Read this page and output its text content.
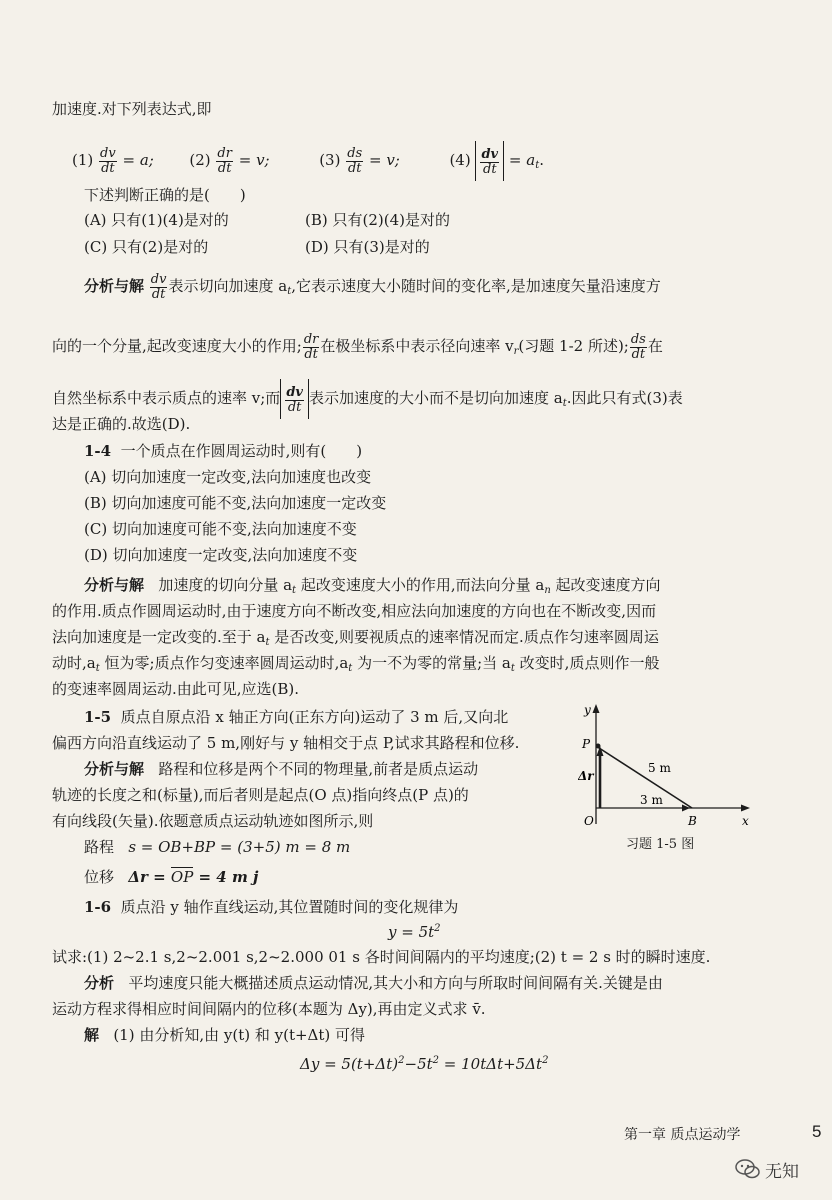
加速度.对下列表达式,即
$(1) \frac{dv}{dt} = a$; $(2) \frac{dr}{dt} = v$;	$(3) \frac{ds}{dt} = v$;	$(4) \frac{dv}{dt} = a_t$.
下述判断正确的是( )
(A) 只有(1)(4)是对的	(B) 只有(2)(4)是对的
(C) 只有(2)是对的	(D) 只有(3)是对的
分析与解 $\frac{dv}{dt}$ 表示切向加速度 $a_t$,它表示速度大小随时间的变化率,是加速度矢量沿速度方
向的一个分量,起改变速度大小的作用; $\frac{dr}{dt}$ 在极坐标系中表示径向速率 $v_r$(习题 1-2 所述); $\frac{ds}{dt}$ 在
自然坐标系中表示质点的速率 v;而 $\frac{dv}{dt}$ 表示加速度的大小而不是切向加速度 $a_t$.因此只有式(3)表
达是正确的.故选(D).
1-4 一个质点在作圆周运动时,则有( )
(A) 切向加速度一定改变,法向加速度也改变
(B) 切向加速度可能不变,法向加速度一定改变
(C) 切向加速度可能不变,法向加速度不变
(D) 切向加速度一定改变,法向加速度不变
分析与解 加速度的切向分量 $a_t$ 起改变速度大小的作用,而法向分量 $a_n$ 起改变速度方向
的作用.质点作圆周运动时,由于速度方向不断改变,相应法向加速度的方向也在不断改变,因而
法向加速度是一定改变的.至于 $a_t$ 是否改变,则要视质点的速率情况而定.质点作匀速率圆周运
动时$,a_t$ 恒为零;质点作匀变速率圆周运动时$,a_t$ 为一不为零的常量;当 $a_t$ 改变时,质点则作一般
的变速率圆周运动.由此可见,应选(B).
1-5 质点自原点沿 x 轴正方向(正东方向)运动了 3 m 后,又向北
偏西方向沿直线运动了 5 m,刚好与 y 轴相交于点 P,试求其路程和位移.
分析与解 路程和位移是两个不同的物理量,前者是质点运动
轨迹的长度之和(标量),而后者则是起点(O 点)指向终点(P 点)的
有向线段(矢量).依题意质点运动轨迹如图所示,则
路程 s = OB+BP = (3+5) m = 8 m
位移 Δr = OP = 4 m j
y
x
O
P
B
Δr
5 m
3 m
习题 1-5 图
1-6 质点沿 y 轴作直线运动,其位置随时间的变化规律为
$y = 5t^2$
试求:(1) 2~2.1 s,2~2.001 s,2~2.000 01 s 各时间间隔内的平均速度;(2) t = 2 s 时的瞬时速度.
分析 平均速度只能大概描述质点运动情况,其大小和方向与所取时间间隔有关.关键是由
运动方程求得相应时间间隔内的位移(本题为 Δy),再由定义式求 v̄.
解 (1) 由分析知,由 y(t) 和 y(t+Δt) 可得
$\Delta y = 5(t+\Delta t)^2-5t^2 = 10t\Delta t+5\Delta t^2$
第一章 质点运动学	5
无知
